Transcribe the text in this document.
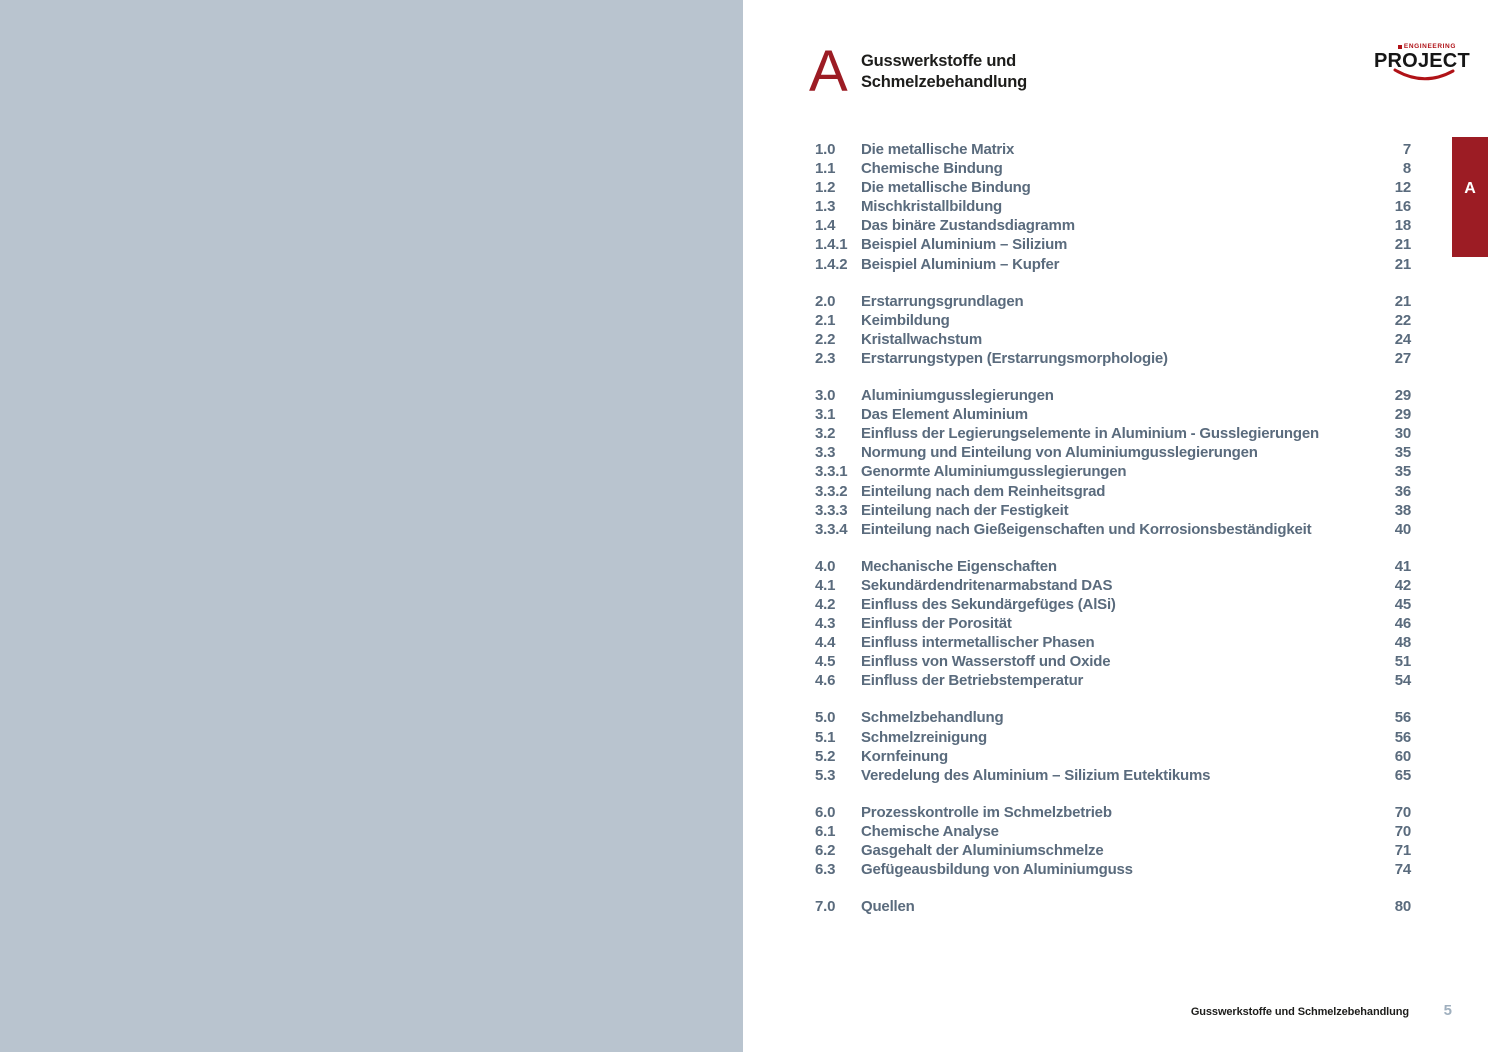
A Gusswerkstoffe und
Schmelzebehandlung
ENGINEERING
PROJECT
A
1.0	Die metallische Matrix	7
1.1	Chemische Bindung	8
1.2	Die metallische Bindung	12
1.3	Mischkristallbildung	16
1.4	Das binäre Zustandsdiagramm	18
1.4.1 Beispiel Aluminium – Silizium	21
1.4.2 Beispiel Aluminium – Kupfer	21
2.0	Erstarrungsgrundlagen	21
2.1	Keimbildung	22
2.2	Kristallwachstum	24
2.3	Erstarrungstypen (Erstarrungsmorphologie)	27
3.0	Aluminiumgusslegierungen	29
3.1	Das Element Aluminium	29
3.2	Einfluss der Legierungselemente in Aluminium - Gusslegierungen	30
3.3	Normung und Einteilung von Aluminiumgusslegierungen	35
3.3.1 Genormte Aluminiumgusslegierungen	35
3.3.2 Einteilung nach dem Reinheitsgrad	36
3.3.3 Einteilung nach der Festigkeit	38
3.3.4 Einteilung nach Gießeigenschaften und Korrosionsbeständigkeit	40
4.0	Mechanische Eigenschaften	41
4.1	Sekundärdendritenarmabstand DAS	42
4.2	Einfluss des Sekundärgefüges (AlSi)	45
4.3	Einfluss der Porosität	46
4.4	Einfluss intermetallischer Phasen	48
4.5	Einfluss von Wasserstoff und Oxide	51
4.6	Einfluss der Betriebstemperatur	54
5.0	Schmelzbehandlung	56
5.1	Schmelzreinigung	56
5.2	Kornfeinung	60
5.3	Veredelung des Aluminium – Silizium Eutektikums	65
6.0	Prozesskontrolle im Schmelzbetrieb	70
6.1	Chemische Analyse	70
6.2	Gasgehalt der Aluminiumschmelze	71
6.3	Gefügeausbildung von Aluminiumguss	74
7.0	Quellen	80
Gusswerkstoffe und Schmelzebehandlung 5
